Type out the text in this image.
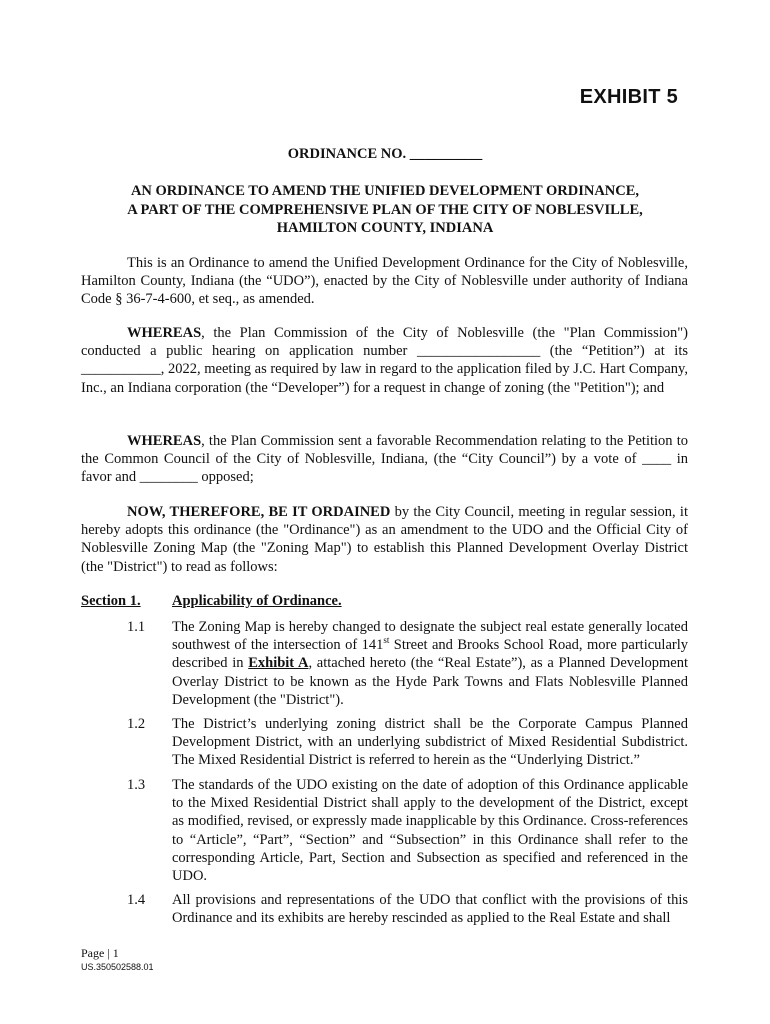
EXHIBIT 5
ORDINANCE NO. __________
AN ORDINANCE TO AMEND THE UNIFIED DEVELOPMENT ORDINANCE,
A PART OF THE COMPREHENSIVE PLAN OF THE CITY OF NOBLESVILLE,
HAMILTON COUNTY, INDIANA
This is an Ordinance to amend the Unified Development Ordinance for the City of Noblesville, Hamilton County, Indiana (the “UDO”), enacted by the City of Noblesville under authority of Indiana Code § 36-7-4-600, et seq., as amended.
WHEREAS, the Plan Commission of the City of Noblesville (the "Plan Commission") conducted a public hearing on application number _________________ (the “Petition”) at its ___________, 2022, meeting as required by law in regard to the application filed by J.C. Hart Company, Inc., an Indiana corporation (the “Developer”) for a request in change of zoning (the "Petition"); and
WHEREAS, the Plan Commission sent a favorable Recommendation relating to the Petition to the Common Council of the City of Noblesville, Indiana, (the “City Council”) by a vote of ____ in favor and ________ opposed;
NOW, THEREFORE, BE IT ORDAINED by the City Council, meeting in regular session, it hereby adopts this ordinance (the "Ordinance") as an amendment to the UDO and the Official City of Noblesville Zoning Map (the "Zoning Map") to establish this Planned Development Overlay District (the "District") to read as follows:
Section 1. Applicability of Ordinance.
1.1 The Zoning Map is hereby changed to designate the subject real estate generally located southwest of the intersection of 141st Street and Brooks School Road, more particularly described in Exhibit A, attached hereto (the “Real Estate”), as a Planned Development Overlay District to be known as the Hyde Park Towns and Flats Noblesville Planned Development (the "District").
1.2 The District’s underlying zoning district shall be the Corporate Campus Planned Development District, with an underlying subdistrict of Mixed Residential Subdistrict. The Mixed Residential District is referred to herein as the “Underlying District.”
1.3 The standards of the UDO existing on the date of adoption of this Ordinance applicable to the Mixed Residential District shall apply to the development of the District, except as modified, revised, or expressly made inapplicable by this Ordinance. Cross-references to “Article”, “Part”, “Section” and “Subsection” in this Ordinance shall refer to the corresponding Article, Part, Section and Subsection as specified and referenced in the UDO.
1.4 All provisions and representations of the UDO that conflict with the provisions of this Ordinance and its exhibits are hereby rescinded as applied to the Real Estate and shall
Page | 1
US.350502588.01
